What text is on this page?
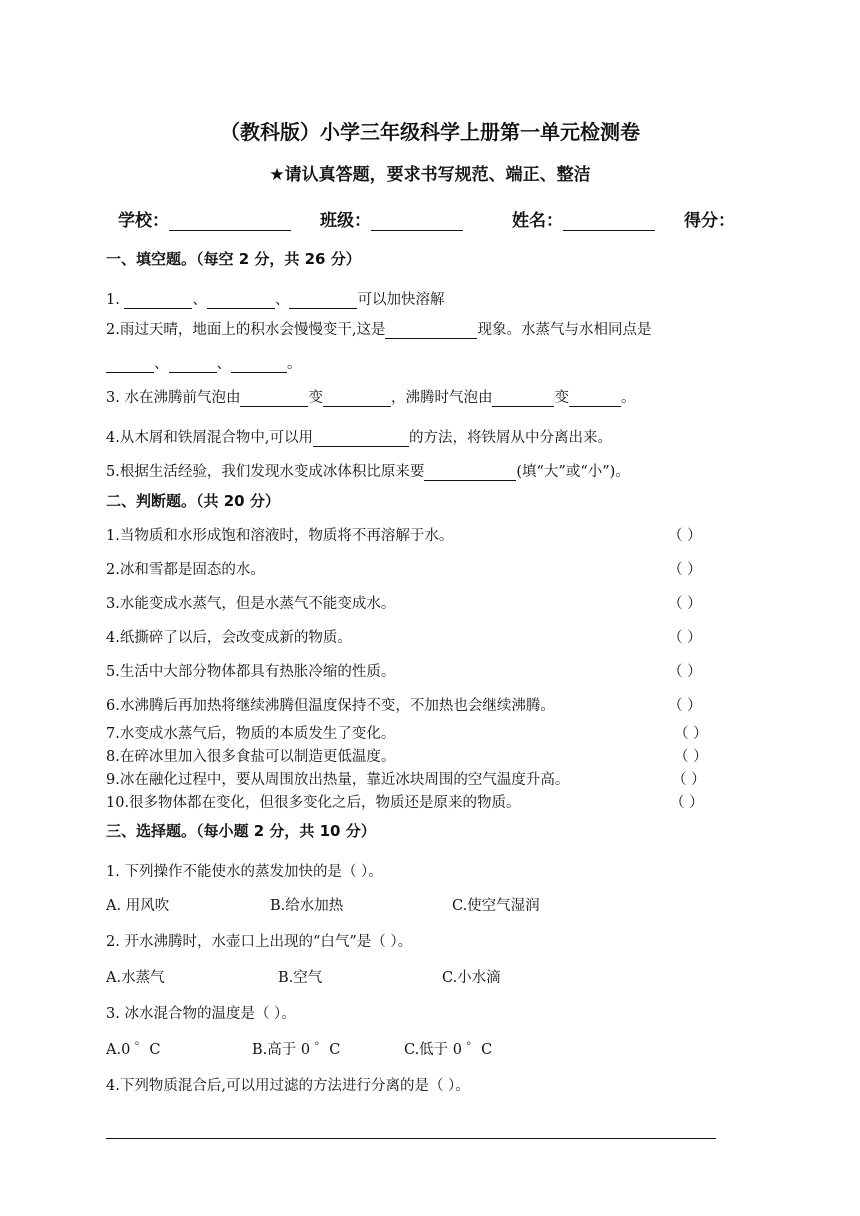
（教科版）小学三年级科学上册第一单元检测卷
★请认真答题，要求书写规范、端正、整洁
学校：	班级：	姓名：	得分：
一、填空题。（每空 2 分，共 26 分）
1.	、	、	可以加快溶解
2.雨过天晴，地面上的积水会慢慢变干,这是	现象。水蒸气与水相同点是
、	、	。
3. 水在沸腾前气泡由	变	，沸腾时气泡由	变	。
4.从木屑和铁屑混合物中,可以用	的方法，将铁屑从中分离出来。
5.根据生活经验，我们发现水变成冰体积比原来要	(填“大”或“小”)。
二、判断题。（共 20 分）
1.当物质和水形成饱和溶液时，物质将不再溶解于水。	（ ）
2.冰和雪都是固态的水。	（ ）
3.水能变成水蒸气，但是水蒸气不能变成水。	（ ）
4.纸撕碎了以后，会改变成新的物质。	（ ）
5.生活中大部分物体都具有热胀冷缩的性质。	（ ）
6.水沸腾后再加热将继续沸腾但温度保持不变，不加热也会继续沸腾。	（ ）
7.水变成水蒸气后，物质的本质发生了变化。	（ ）
8.在碎冰里加入很多食盐可以制造更低温度。	（ ）
9.冰在融化过程中，要从周围放出热量，靠近冰块周围的空气温度升高。	（ ）
10.很多物体都在变化，但很多变化之后，物质还是原来的物质。	（ ）
三、选择题。（每小题 2 分，共 10 分）
1. 下列操作不能使水的蒸发加快的是（ ）。
A. 用风吹	B.给水加热	C.使空气湿润
2. 开水沸腾时，水壶口上出现的“白气”是（ ）。
A.水蒸气	B.空气	C.小水滴
3. 冰水混合物的温度是（ ）。
A.0 ゜C	B.高于 0 ゜C	C.低于 0 ゜C
4.下列物质混合后,可以用过滤的方法进行分离的是（ ）。
